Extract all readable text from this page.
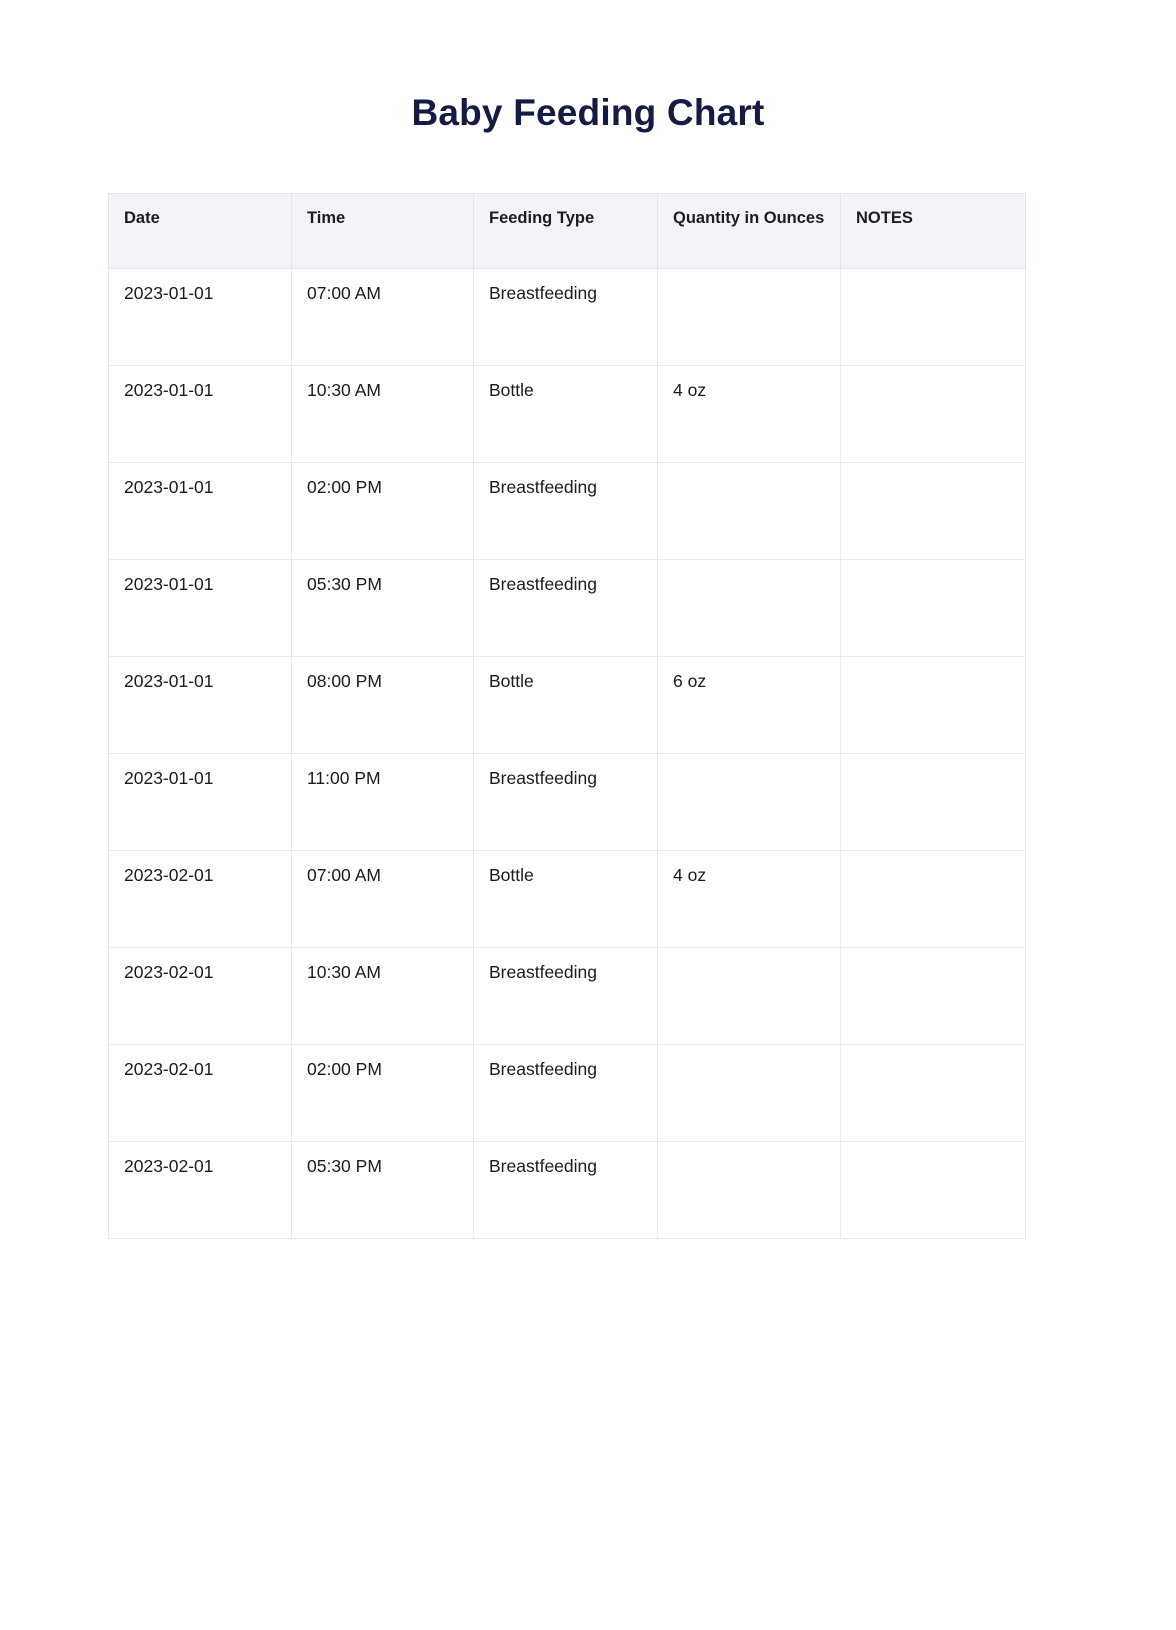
Baby Feeding Chart
Date	Time	Feeding Type	Quantity in Ounces	NOTES
2023-01-01	07:00 AM	Breastfeeding		
2023-01-01	10:30 AM	Bottle	4 oz	
2023-01-01	02:00 PM	Breastfeeding		
2023-01-01	05:30 PM	Breastfeeding		
2023-01-01	08:00 PM	Bottle	6 oz	
2023-01-01	11:00 PM	Breastfeeding		
2023-02-01	07:00 AM	Bottle	4 oz	
2023-02-01	10:30 AM	Breastfeeding		
2023-02-01	02:00 PM	Breastfeeding		
2023-02-01	05:30 PM	Breastfeeding		
